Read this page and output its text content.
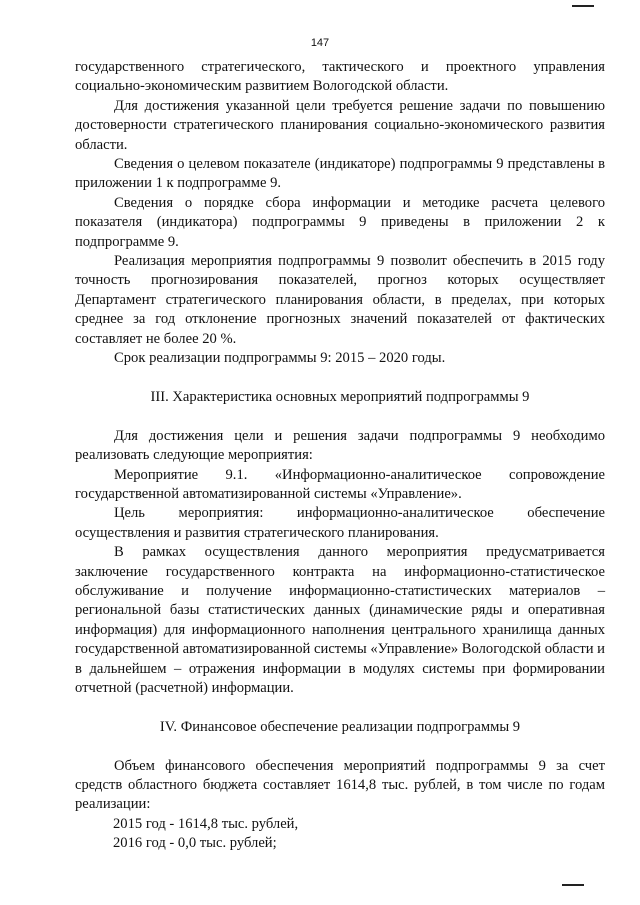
147

государственного стратегического, тактического и проектного управления социально-экономическим развитием Вологодской области.

Для достижения указанной цели требуется решение задачи по повышению достоверности стратегического планирования социально-экономического развития области.

Сведения о целевом показателе (индикаторе) подпрограммы 9 представлены в приложении 1 к подпрограмме 9.

Сведения о порядке сбора информации и методике расчета целевого показателя (индикатора) подпрограммы 9 приведены в приложении 2 к подпрограмме 9.

Реализация мероприятия подпрограммы 9 позволит обеспечить в 2015 году точность прогнозирования показателей, прогноз которых осуществляет Департамент стратегического планирования области, в пределах, при которых среднее за год отклонение прогнозных значений показателей от фактических составляет не более 20 %.

Срок реализации подпрограммы 9: 2015 – 2020 годы.

III. Характеристика основных мероприятий подпрограммы 9

Для достижения цели и решения задачи подпрограммы 9 необходимо реализовать следующие мероприятия:

Мероприятие 9.1. «Информационно-аналитическое сопровождение государственной автоматизированной системы «Управление».

Цель мероприятия: информационно-аналитическое обеспечение осуществления и развития стратегического планирования.

В рамках осуществления данного мероприятия предусматривается заключение государственного контракта на информационно-статистическое обслуживание и получение информационно-статистических материалов – региональной базы статистических данных (динамические ряды и оперативная информация) для информационного наполнения центрального хранилища данных государственной автоматизированной системы «Управление» Вологодской области и в дальнейшем – отражения информации в модулях системы при формировании отчетной (расчетной) информации.

IV. Финансовое обеспечение реализации подпрограммы 9

Объем финансового обеспечения мероприятий подпрограммы 9 за счет средств областного бюджета составляет 1614,8 тыс. рублей, в том числе по годам реализации:

2015 год - 1614,8 тыс. рублей,

2016 год - 0,0 тыс. рублей;
